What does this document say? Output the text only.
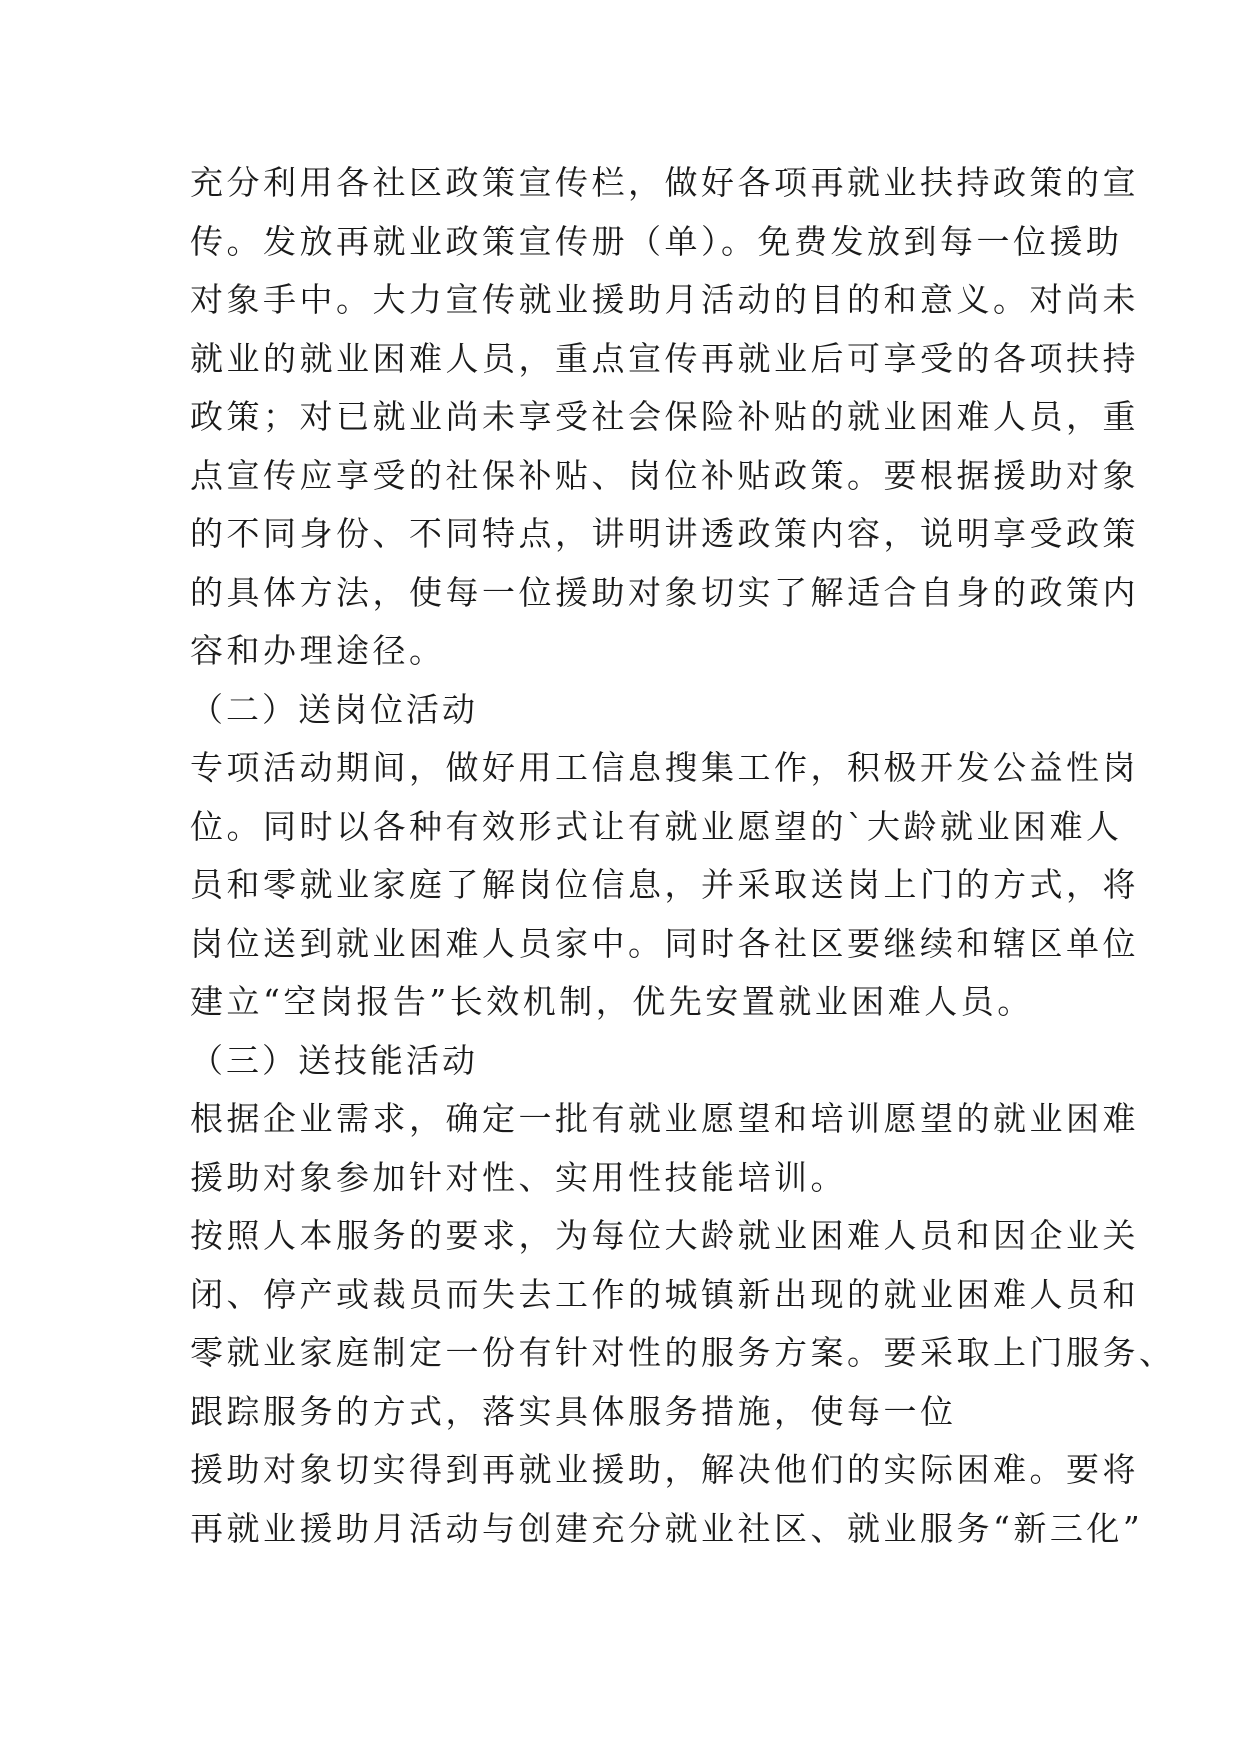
充分利用各社区政策宣传栏，做好各项再就业扶持政策的宣
传。发放再就业政策宣传册（单）。免费发放到每一位援助
对象手中。大力宣传就业援助月活动的目的和意义。对尚未
就业的就业困难人员，重点宣传再就业后可享受的各项扶持
政策；对已就业尚未享受社会保险补贴的就业困难人员，重
点宣传应享受的社保补贴、岗位补贴政策。要根据援助对象
的不同身份、不同特点，讲明讲透政策内容，说明享受政策
的具体方法，使每一位援助对象切实了解适合自身的政策内
容和办理途径。
（二）送岗位活动
专项活动期间，做好用工信息搜集工作，积极开发公益性岗
位。同时以各种有效形式让有就业愿望的`大龄就业困难人
员和零就业家庭了解岗位信息，并采取送岗上门的方式，将
岗位送到就业困难人员家中。同时各社区要继续和辖区单位
建立“空岗报告”长效机制，优先安置就业困难人员。
（三）送技能活动
根据企业需求，确定一批有就业愿望和培训愿望的就业困难
援助对象参加针对性、实用性技能培训。
按照人本服务的要求，为每位大龄就业困难人员和因企业关
闭、停产或裁员而失去工作的城镇新出现的就业困难人员和
零就业家庭制定一份有针对性的服务方案。要采取上门服务、
跟踪服务的方式，落实具体服务措施，使每一位
援助对象切实得到再就业援助，解决他们的实际困难。要将
再就业援助月活动与创建充分就业社区、就业服务“新三化”
